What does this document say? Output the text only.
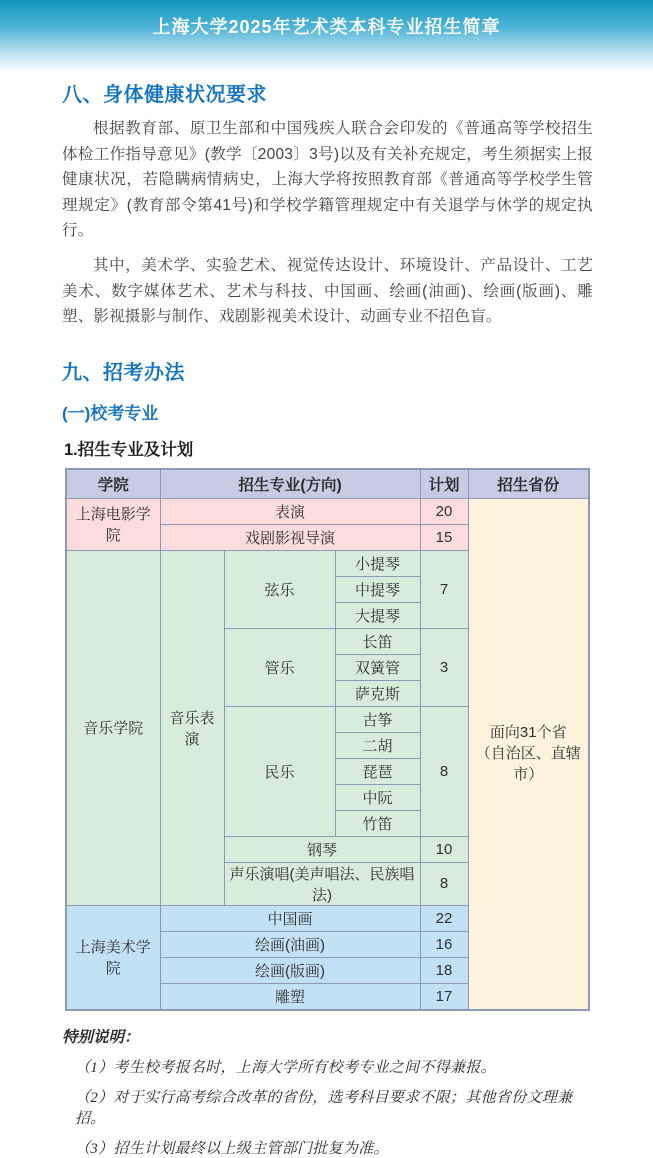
上海大学2025年艺术类本科专业招生简章
八、身体健康状况要求

根据教育部、原卫生部和中国残疾人联合会印发的《普通高等学校招生体检工作指导意见》(教学〔2003〕3号)以及有关补充规定，考生须据实上报健康状况，若隐瞒病情病史，上海大学将按照教育部《普通高等学校学生管理规定》(教育部令第41号)和学校学籍管理规定中有关退学与休学的规定执行。

其中，美术学、实验艺术、视觉传达设计、环境设计、产品设计、工艺美术、数字媒体艺术、艺术与科技、中国画、绘画(油画)、绘画(版画)、雕塑、影视摄影与制作、戏剧影视美术设计、动画专业不招色盲。

九、招考办法
(一)校考专业
1.招生专业及计划
学院	招生专业(方向)			计划	招生省份
上海电影学院	表演			20	面向31个省
（自治区、直辖市）

	戏剧影视导演			15	
音乐学院	音乐表演	弦乐	小提琴	7	
			中提琴		
			大提琴		
		管乐	长笛	3	
			双簧管		
			萨克斯		
		民乐	古筝	8	
			二胡		
			琵琶		
			中阮		
			竹笛		
		钢琴		10	
		声乐演唱(美声唱法、民族唱法)		8	
上海美术学院	中国画			22	
	绘画(油画)			16	
	绘画(版画)			18	
	雕塑			17	
特别说明：
（1）考生校考报名时，上海大学所有校考专业之间不得兼报。
（2）对于实行高考综合改革的省份，选考科目要求不限；其他省份文理兼招。
（3）招生计划最终以上级主管部门批复为准。
